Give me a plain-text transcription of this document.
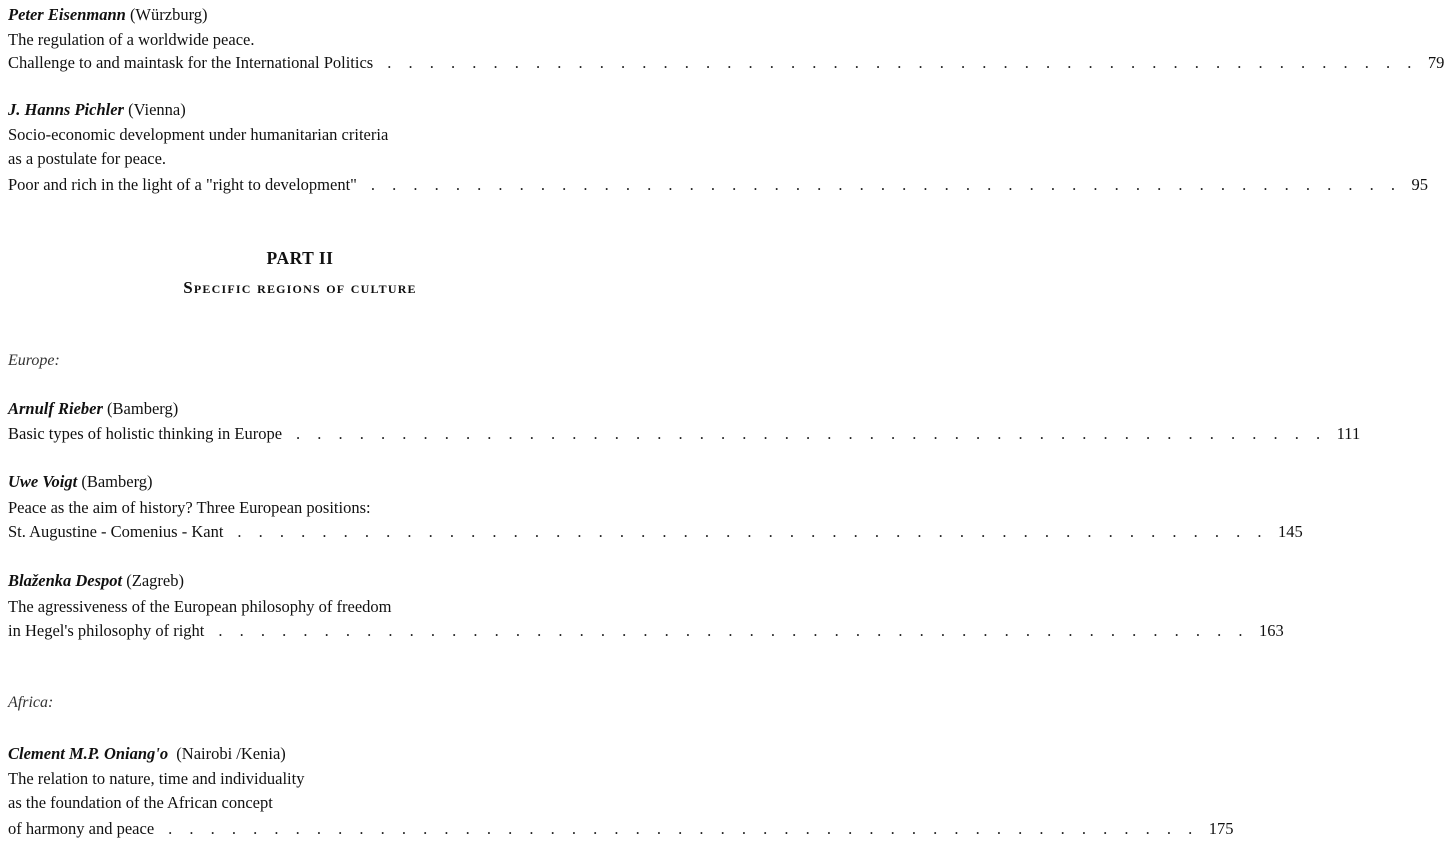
Peter Eisenmann (Würzburg)
The regulation of a worldwide peace.
Challenge to and maintask for the International Politics . . . . . . . . . . . . . . . . . . . . . . . . . . . . . . . . . . . . . . . . . . . . . . . . . 79
J. Hanns Pichler (Vienna)
Socio-economic development under humanitarian criteria
as a postulate for peace.
Poor and rich in the light of a "right to development" . . . . . . . . . . . . . . . . . . . . . . . . . . . . . . . . . . . . . . . . . . . . . . . . . 95
PART II
Specific regions of culture
Europe:
Arnulf Rieber (Bamberg)
Basic types of holistic thinking in Europe . . . . . . . . . . . . . . . . . . . . . . . . . . . . . . . . . . . . . . . . . . . . . . . . . 111
Uwe Voigt (Bamberg)
Peace as the aim of history? Three European positions:
St. Augustine - Comenius - Kant . . . . . . . . . . . . . . . . . . . . . . . . . . . . . . . . . . . . . . . . . . . . . . . . . 145
Blaženka Despot (Zagreb)
The agressiveness of the European philosophy of freedom
in Hegel's philosophy of right . . . . . . . . . . . . . . . . . . . . . . . . . . . . . . . . . . . . . . . . . . . . . . . . . 163
Africa:
Clement M.P. Oniang'o (Nairobi /Kenia)
The relation to nature, time and individuality
as the foundation of the African concept
of harmony and peace . . . . . . . . . . . . . . . . . . . . . . . . . . . . . . . . . . . . . . . . . . . . . . . . . 175
